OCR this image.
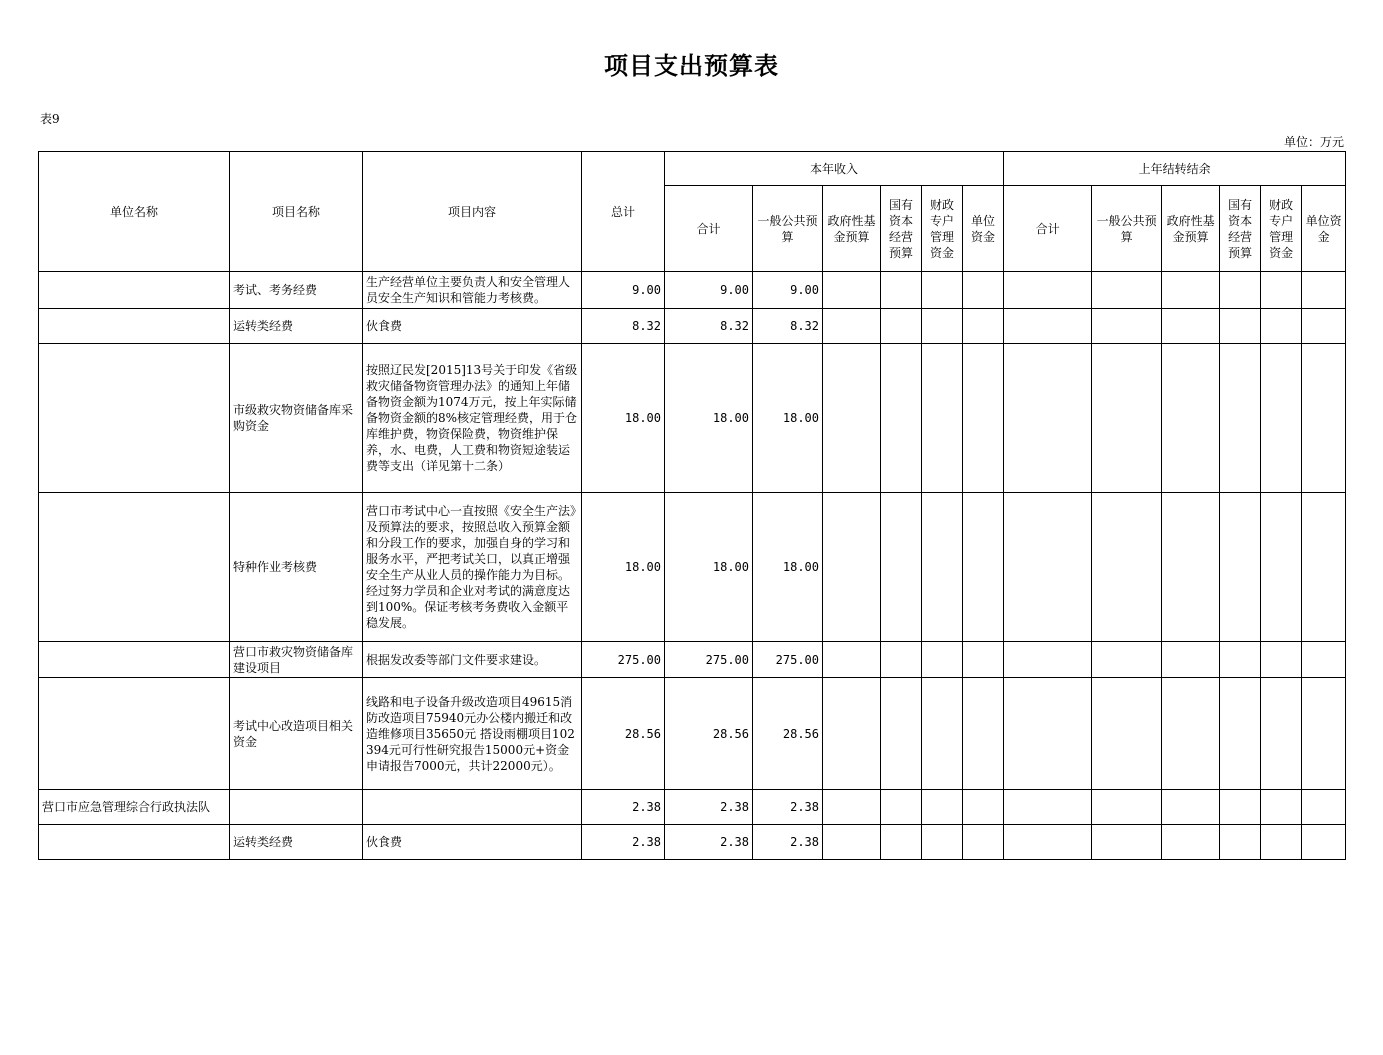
项目支出预算表
表9
单位：万元
单位名称	项目名称	项目内容	总计	本年收入						上年结转结余					
				合计	一般公共预算	政府性基金预算	国有资本经营预算	财政专户管理资金	单位资金	合计	一般公共预算	政府性基金预算	国有资本经营预算	财政专户管理资金	单位资金
	考试、考务经费	生产经营单位主要负责人和安全管理人员安全生产知识和管能力考核费。	9.00	9.00	9.00										
	运转类经费	伙食费	8.32	8.32	8.32										
	市级救灾物资储备库采购资金	按照辽民发[2015]13号关于印发《省级救灾储备物资管理办法》的通知上年储备物资金额为1074万元，按上年实际储备物资金额的8%核定管理经费，用于仓库维护费，物资保险费，物资维护保养，水、电费，人工费和物资短途装运费等支出（详见第十二条）	18.00	18.00	18.00										
	特种作业考核费	营口市考试中心一直按照《安全生产法》及预算法的要求，按照总收入预算金额和分段工作的要求，加强自身的学习和服务水平，严把考试关口，以真正增强安全生产从业人员的操作能力为目标。经过努力学员和企业对考试的满意度达到100%。保证考核考务费收入金额平稳发展。	18.00	18.00	18.00										
	营口市救灾物资储备库建设项目	根据发改委等部门文件要求建设。	275.00	275.00	275.00										
	考试中心改造项目相关资金	线路和电子设备升级改造项目49615消防改造项目75940元办公楼内搬迁和改造维修项目35650元 搭设雨棚项目102394元可行性研究报告15000元+资金申请报告7000元，共计22000元）。	28.56	28.56	28.56										
营口市应急管理综合行政执法队			2.38	2.38	2.38										
	运转类经费	伙食费	2.38	2.38	2.38										
